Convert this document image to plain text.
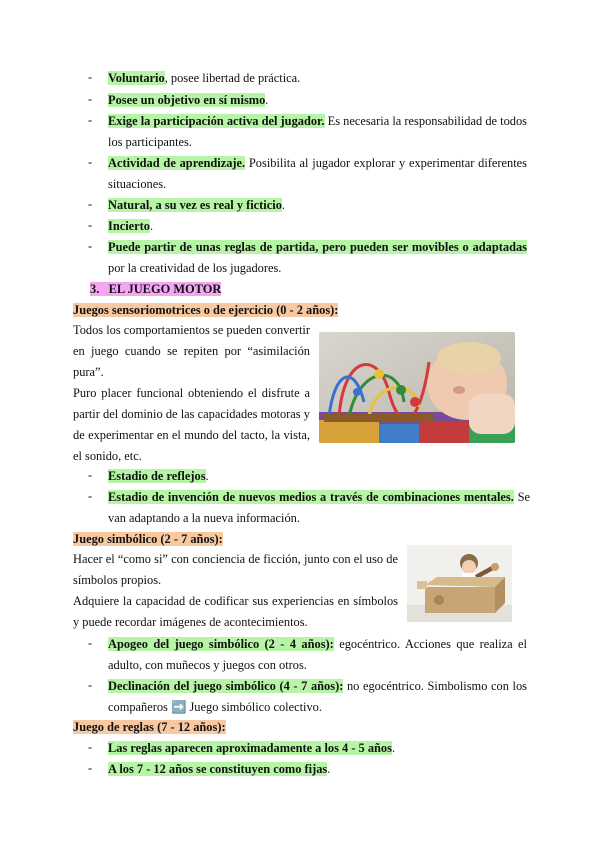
- Voluntario, posee libertad de práctica.
- Posee un objetivo en sí mismo.
- Exige la participación activa del jugador. Es necesaria la responsabilidad de todos los participantes.
- Actividad de aprendizaje. Posibilita al jugador explorar y experimentar diferentes situaciones.
- Natural, a su vez es real y ficticio.
- Incierto.
- Puede partir de unas reglas de partida, pero pueden ser movibles o adaptadas por la creatividad de los jugadores.
3. EL JUEGO MOTOR
Juegos sensoriomotrices o de ejercicio (0 - 2 años):
Todos los comportamientos se pueden convertir en juego cuando se repiten por “asimilación pura”.
Puro placer funcional obteniendo el disfrute a partir del dominio de las capacidades motoras y de experimentar en el mundo del tacto, la vista, el sonido, etc.
- Estadio de reflejos.
- Estadio de invención de nuevos medios a través de combinaciones mentales. Se van adaptando a la nueva información.
Juego simbólico (2 - 7 años):
Hacer el “como si” con conciencia de ficción, junto con el uso de símbolos propios.
Adquiere la capacidad de codificar sus experiencias en símbolos y puede recordar imágenes de acontecimientos.
- Apogeo del juego simbólico (2 - 4 años): egocéntrico. Acciones que realiza el adulto, con muñecos y juegos con otros.
- Declinación del juego simbólico (4 - 7 años): no egocéntrico. Simbolismo con los compañeros ➡️ Juego simbólico colectivo.
Juego de reglas (7 - 12 años):
- Las reglas aparecen aproximadamente a los 4 - 5 años.
- A los 7 - 12 años se constituyen como fijas.
